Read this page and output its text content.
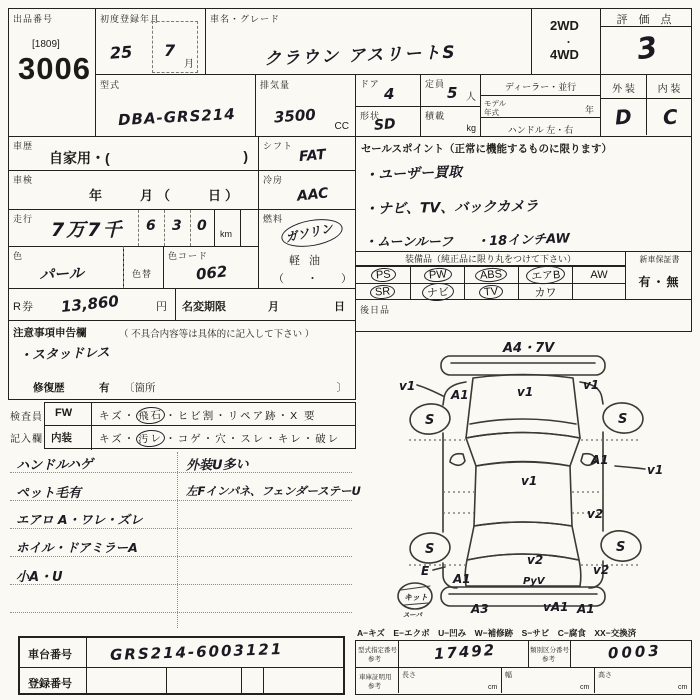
出品番号
[1809]
3006
初度登録年月
25 7
月
車名・グレード
クラウン アスリートS
2WD
・
4WD
評 価 点
3
型式
DBA-GRS214
排気量
3500
CC
ドア
4
定員 5 人
形状
SD
積載
kg
ディーラー・並行
モデル
年式	年
ハンドル 左・右
外 装	内 装
D C
車歴
自家用・(	)
シフト
FAT
車検
年　　月（　　日）
冷房
AAC
走行 7万7千 6 3 0 km
燃料
ガソリン
軽 油
（　・　）
色
パール	色替
色コード
062
R券 13,860	円 名変期限	月	日
注意事項申告欄	（ 不具合内容等は具体的に記入して下さい ）
・スタッドレス
修復歴	有 〔箇所	〕
検査員
記入欄
FW	キズ・ 飛石 ・ヒビ割・リペア跡・X 要
内装	キズ・ 汚レ ・コゲ・穴・スレ・キレ・破レ
ハンドルハゲ
ペット毛有
エアロ A・ワレ・ズレ
ホイル・ドアミラーA
小A・U
外装U多い
左Fインパネ、フェンダーステーU
セールスポイント（正常に機能するものに限ります）
・ユーザー買取
・ナビ、TV、バックカメラ
・ムーンルーフ ・18インチAW
装備品（純正品に限り丸をつけて下さい）
PS	PW	ABS	エアB	AW
SR	ナビ	TV	カワ
新車保証書
有・無
後日品
A4・7V
v1
A1	v1	v1
S	S
S	S
v1
A1
v1
v2
E
A1
v2
PyV
v2
A3	vA1 A1
キット
スーパ
A−キズ　E−エクボ　U−凹み　W−補修跡　S−サビ　C−腐食　XX−交換済
車台番号	GRS214-6003121
登録番号
型式指定番号
参考	17492	類別区分番号
参考	0003
車庫証明用
参考
長さ
cm
幅
cm
高さ
cm
